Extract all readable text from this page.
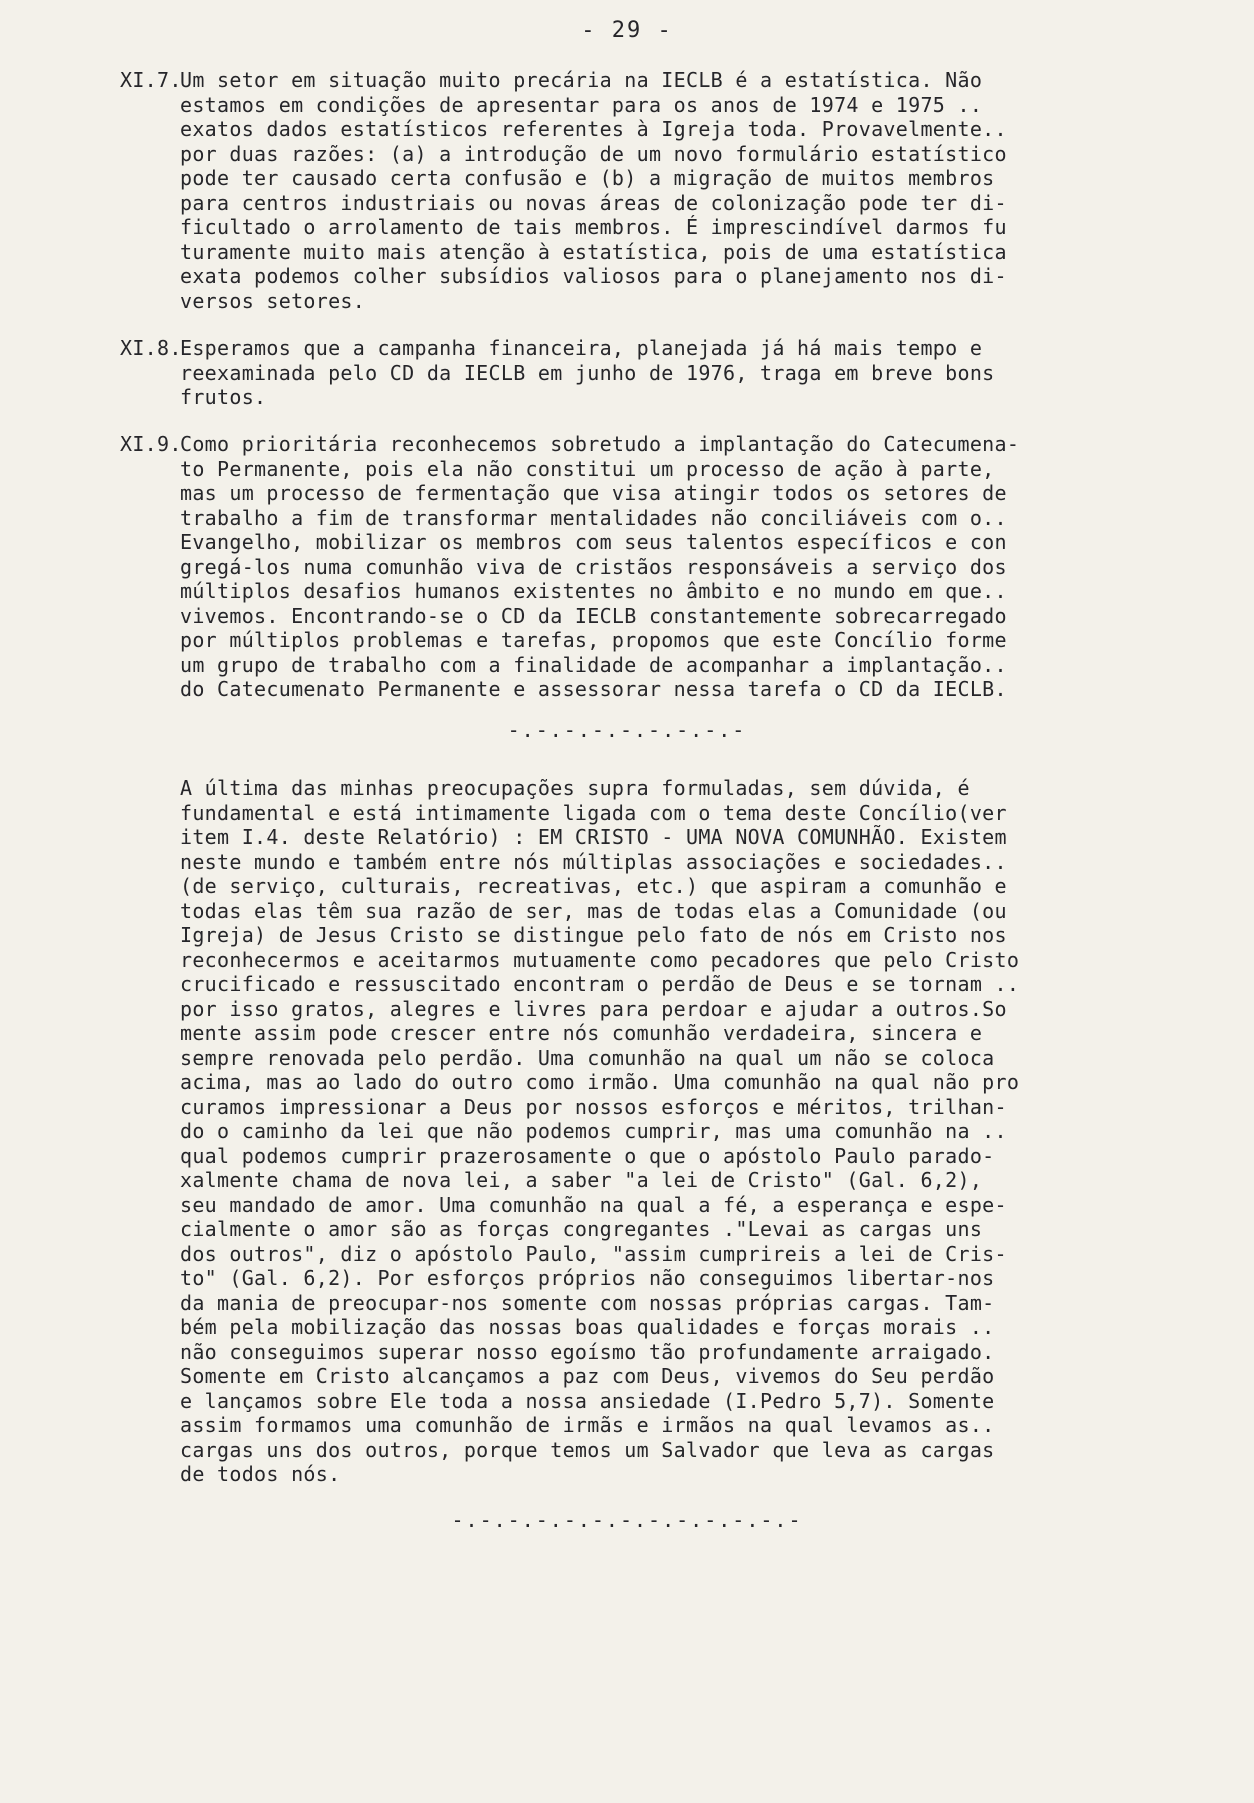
- 29 -
XI.7.Um setor em situação muito precária na IECLB é a estatística. Não
estamos em condições de apresentar para os anos de 1974 e 1975 ..
exatos dados estatísticos referentes à Igreja toda. Provavelmente..
por duas razões: (a) a introdução de um novo formulário estatístico
pode ter causado certa confusão e (b) a migração de muitos membros
para centros industriais ou novas áreas de colonização pode ter di-
ficultado o arrolamento de tais membros. É imprescindível darmos fu
turamente muito mais atenção à estatística, pois de uma estatística
exata podemos colher subsídios valiosos para o planejamento nos di-
versos setores.
XI.8.Esperamos que a campanha financeira, planejada já há mais tempo e
reexaminada pelo CD da IECLB em junho de 1976, traga em breve bons
frutos.
XI.9.Como prioritária reconhecemos sobretudo a implantação do Catecumena-
to Permanente, pois ela não constitui um processo de ação à parte,
mas um processo de fermentação que visa atingir todos os setores de
trabalho a fim de transformar mentalidades não conciliáveis com o..
Evangelho, mobilizar os membros com seus talentos específicos e con
gregá-los numa comunhão viva de cristãos responsáveis a serviço dos
múltiplos desafios humanos existentes no âmbito e no mundo em que..
vivemos. Encontrando-se o CD da IECLB constantemente sobrecarregado
por múltiplos problemas e tarefas, propomos que este Concílio forme
um grupo de trabalho com a finalidade de acompanhar a implantação..
do Catecumenato Permanente e assessorar nessa tarefa o CD da IECLB.
-.-.-.-.-.-.-.-.-
A última das minhas preocupações supra formuladas, sem dúvida, é
fundamental e está intimamente ligada com o tema deste Concílio(ver
item I.4. deste Relatório) : EM CRISTO - UMA NOVA COMUNHÃO. Existem
neste mundo e também entre nós múltiplas associações e sociedades..
(de serviço, culturais, recreativas, etc.) que aspiram a comunhão e
todas elas têm sua razão de ser, mas de todas elas a Comunidade (ou
Igreja) de Jesus Cristo se distingue pelo fato de nós em Cristo nos
reconhecermos e aceitarmos mutuamente como pecadores que pelo Cristo
crucificado e ressuscitado encontram o perdão de Deus e se tornam ..
por isso gratos, alegres e livres para perdoar e ajudar a outros.So
mente assim pode crescer entre nós comunhão verdadeira, sincera e
sempre renovada pelo perdão. Uma comunhão na qual um não se coloca
acima, mas ao lado do outro como irmão. Uma comunhão na qual não pro
curamos impressionar a Deus por nossos esforços e méritos, trilhan-
do o caminho da lei que não podemos cumprir, mas uma comunhão na ..
qual podemos cumprir prazerosamente o que o apóstolo Paulo parado-
xalmente chama de nova lei, a saber "a lei de Cristo" (Gal. 6,2),
seu mandado de amor. Uma comunhão na qual a fé, a esperança e espe-
cialmente o amor são as forças congregantes ."Levai as cargas uns
dos outros", diz o apóstolo Paulo, "assim cumprireis a lei de Cris-
to" (Gal. 6,2). Por esforços próprios não conseguimos libertar-nos
da mania de preocupar-nos somente com nossas próprias cargas. Tam-
bém pela mobilização das nossas boas qualidades e forças morais ..
não conseguimos superar nosso egoísmo tão profundamente arraigado.
Somente em Cristo alcançamos a paz com Deus, vivemos do Seu perdão
e lançamos sobre Ele toda a nossa ansiedade (I.Pedro 5,7). Somente
assim formamos uma comunhão de irmãs e irmãos na qual levamos as..
cargas uns dos outros, porque temos um Salvador que leva as cargas
de todos nós.
-.-.-.-.-.-.-.-.-.-.-.-.-
